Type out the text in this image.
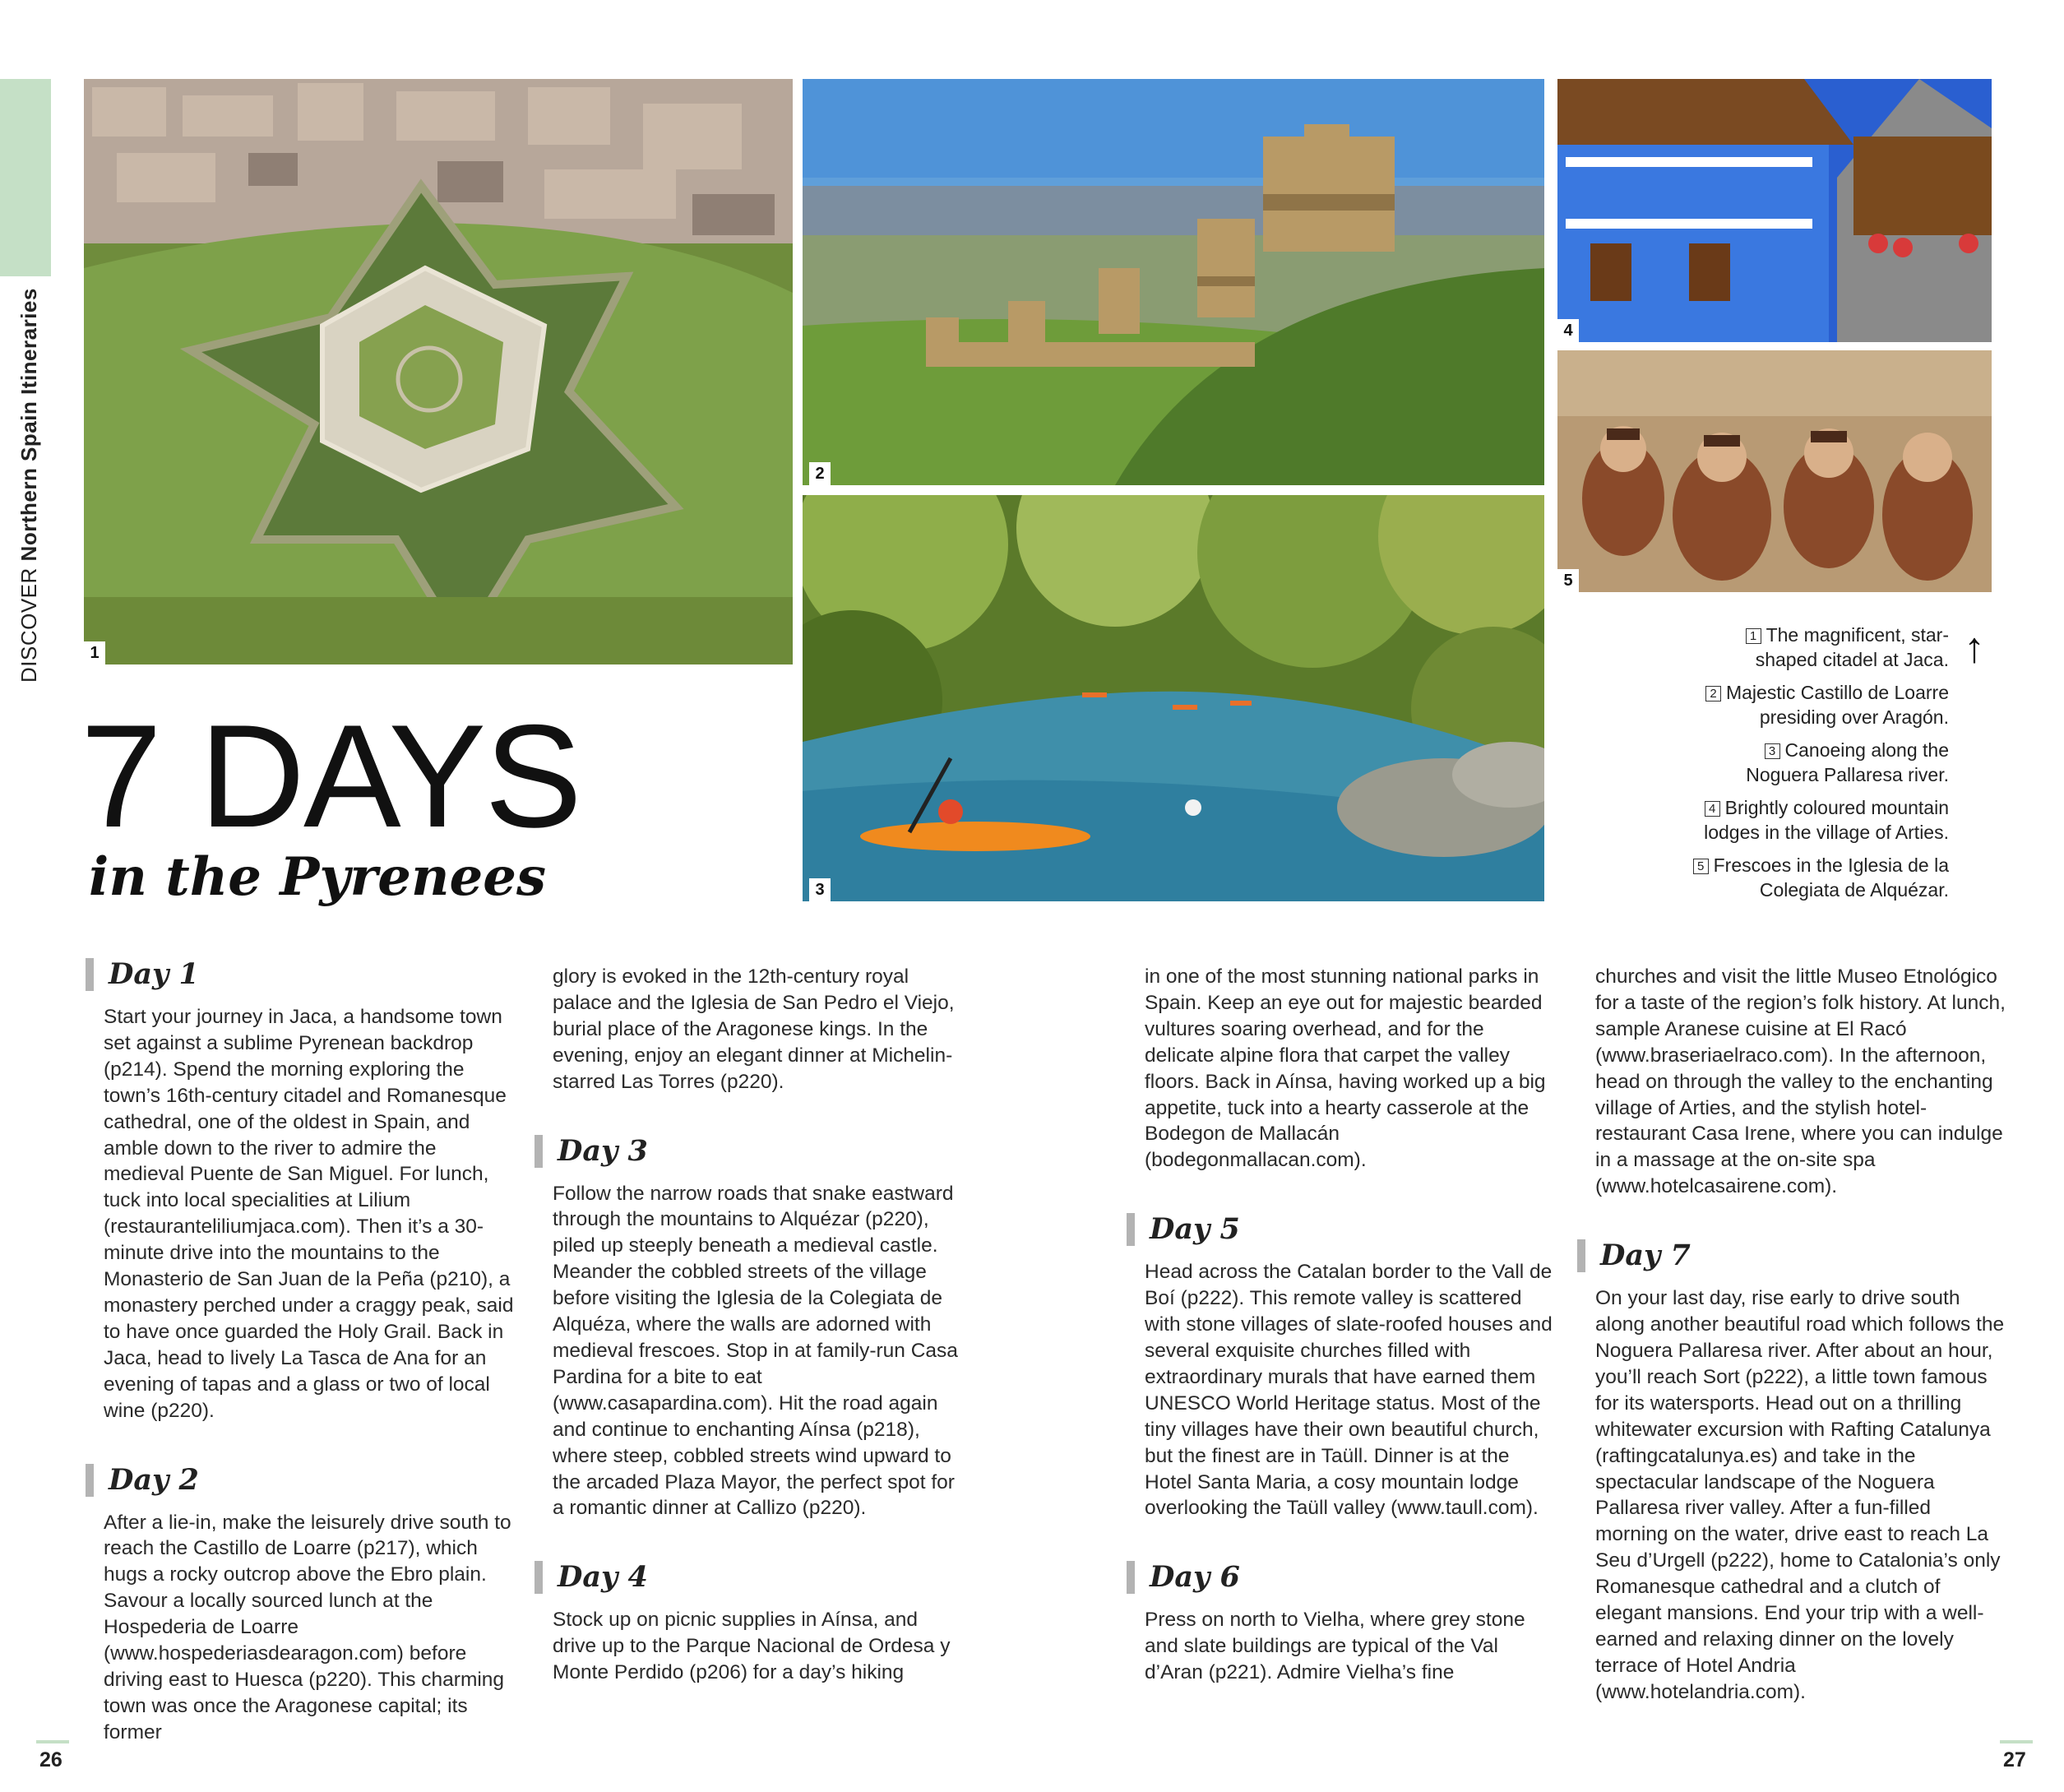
DISCOVER Northern Spain Itineraries
1
2
3
4
5
7 DAYS
in the Pyrenees
↑
1 The magnificent, star-
shaped citadel at Jaca.
2 Majestic Castillo de Loarre
presiding over Aragón.
3 Canoeing along the
Noguera Pallaresa river.
4 Brightly coloured mountain
lodges in the village of Arties.
5 Frescoes in the Iglesia de la
Colegiata de Alquézar.
Day 1

Start your journey in Jaca, a handsome town set against a sublime Pyrenean backdrop (p214). Spend the morning exploring the town’s 16th-century citadel and Romanesque cathedral, one of the oldest in Spain, and amble down to the river to admire the medieval Puente de San Miguel. For lunch, tuck into local specialities at Lilium (restauranteliliumjaca.com). Then it’s a 30-minute drive into the mountains to the Monasterio de San Juan de la Peña (p210), a monastery perched under a craggy peak, said to have once guarded the Holy Grail. Back in Jaca, head to lively La Tasca de Ana for an evening of tapas and a glass or two of local wine (p220).

Day 2

After a lie-in, make the leisurely drive south to reach the Castillo de Loarre (p217), which hugs a rocky outcrop above the Ebro plain. Savour a locally sourced lunch at the Hospederia de Loarre (www.hospederiasdearagon.com) before driving east to Huesca (p220). This charming town was once the Aragonese capital; its former

glory is evoked in the 12th-century royal palace and the Iglesia de San Pedro el Viejo, burial place of the Aragonese kings. In the evening, enjoy an elegant dinner at Michelin-starred Las Torres (p220).

Day 3

Follow the narrow roads that snake eastward through the mountains to Alquézar (p220), piled up steeply beneath a medieval castle. Meander the cobbled streets of the village before visiting the Iglesia de la Colegiata de Alquéza, where the walls are adorned with medieval frescoes. Stop in at family-run Casa Pardina for a bite to eat (www.casapardina.com). Hit the road again and continue to enchanting Aínsa (p218), where steep, cobbled streets wind upward to the arcaded Plaza Mayor, the perfect spot for a romantic dinner at Callizo (p220).

Day 4

Stock up on picnic supplies in Aínsa, and drive up to the Parque Nacional de Ordesa y Monte Perdido (p206) for a day’s hiking

in one of the most stunning national parks in Spain. Keep an eye out for majestic bearded vultures soaring overhead, and for the delicate alpine flora that carpet the valley floors. Back in Aínsa, having worked up a big appetite, tuck into a hearty casserole at the Bodegon de Mallacán (bodegonmallacan.com).

Day 5

Head across the Catalan border to the Vall de Boí (p222). This remote valley is scattered with stone villages of slate-roofed houses and several exquisite churches filled with extraordinary murals that have earned them UNESCO World Heritage status. Most of the tiny villages have their own beautiful church, but the finest are in Taüll. Dinner is at the Hotel Santa Maria, a cosy mountain lodge overlooking the Taüll valley (www.taull.com).

Day 6

Press on north to Vielha, where grey stone and slate buildings are typical of the Val d’Aran (p221). Admire Vielha’s fine

churches and visit the little Museo Etnológico for a taste of the region’s folk history. At lunch, sample Aranese cuisine at El Racó (www.braseriaelraco.com). In the afternoon, head on through the valley to the enchanting village of Arties, and the stylish hotel-restaurant Casa Irene, where you can indulge in a massage at the on-site spa (www.hotelcasairene.com).

Day 7

On your last day, rise early to drive south along another beautiful road which follows the Noguera Pallaresa river. After about an hour, you’ll reach Sort (p222), a little town famous for its watersports. Head out on a thrilling whitewater excursion with Rafting Catalunya (raftingcatalunya.es) and take in the spectacular landscape of the Noguera Pallaresa river valley. After a fun-filled morning on the water, drive east to reach La Seu d’Urgell (p222), home to Catalonia’s only Romanesque cathedral and a clutch of elegant mansions. End your trip with a well-earned and relaxing dinner on the lovely terrace of Hotel Andria (www.hotelandria.com).

26	27
